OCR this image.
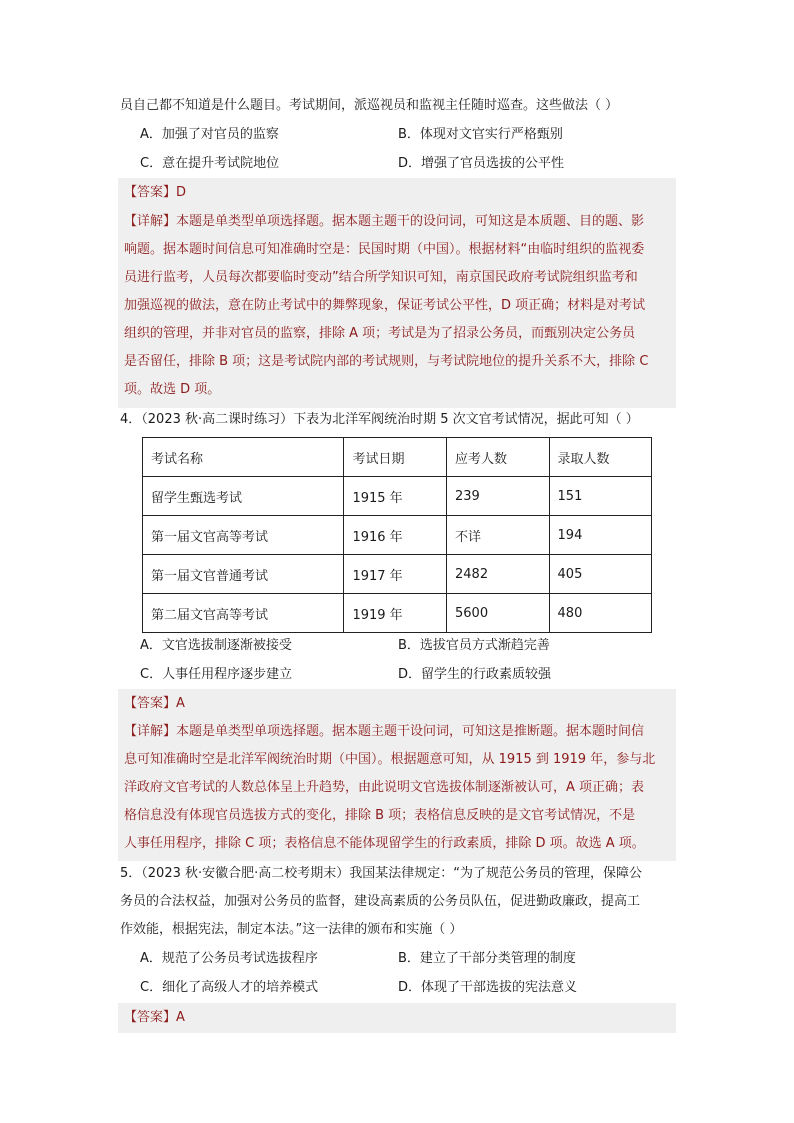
员自己都不知道是什么题目。考试期间，派巡视员和监视主任随时巡查。这些做法（ ）
A．加强了对官员的监察	B．体现对文官实行严格甄别
C．意在提升考试院地位	D．增强了官员选拔的公平性
【答案】D
【详解】本题是单类型单项选择题。据本题主题干的设问词，可知这是本质题、目的题、影
响题。据本题时间信息可知准确时空是：民国时期（中国）。根据材料“由临时组织的监视委
员进行监考，人员每次都要临时变动”结合所学知识可知，南京国民政府考试院组织监考和
加强巡视的做法，意在防止考试中的舞弊现象，保证考试公平性，D 项正确；材料是对考试
组织的管理，并非对官员的监察，排除 A 项；考试是为了招录公务员，而甄别决定公务员
是否留任，排除 B 项；这是考试院内部的考试规则，与考试院地位的提升关系不大，排除 C
项。故选 D 项。
4．（2023 秋·高二课时练习）下表为北洋军阀统治时期 5 次文官考试情况，据此可知（ ）
考试名称	考试日期	应考人数	录取人数
留学生甄选考试	1915 年	239	151
第一届文官高等考试	1916 年	不详	194
第一届文官普通考试	1917 年	2482	405
第二届文官高等考试	1919 年	5600	480
A．文官选拔制逐渐被接受	B．选拔官员方式渐趋完善
C．人事任用程序逐步建立	D．留学生的行政素质较强
【答案】A
【详解】本题是单类型单项选择题。据本题主题干设问词，可知这是推断题。据本题时间信
息可知准确时空是北洋军阀统治时期（中国）。根据题意可知，从 1915 到 1919 年，参与北
洋政府文官考试的人数总体呈上升趋势，由此说明文官选拔体制逐渐被认可，A 项正确；表
格信息没有体现官员选拔方式的变化，排除 B 项；表格信息反映的是文官考试情况，不是
人事任用程序，排除 C 项；表格信息不能体现留学生的行政素质，排除 D 项。故选 A 项。
5．（2023 秋·安徽合肥·高二校考期末）我国某法律规定：“为了规范公务员的管理，保障公
务员的合法权益，加强对公务员的监督，建设高素质的公务员队伍，促进勤政廉政，提高工
作效能，根据宪法，制定本法。”这一法律的颁布和实施（ ）
A．规范了公务员考试选拔程序	B．建立了干部分类管理的制度
C．细化了高级人才的培养模式	D．体现了干部选拔的宪法意义
【答案】A
